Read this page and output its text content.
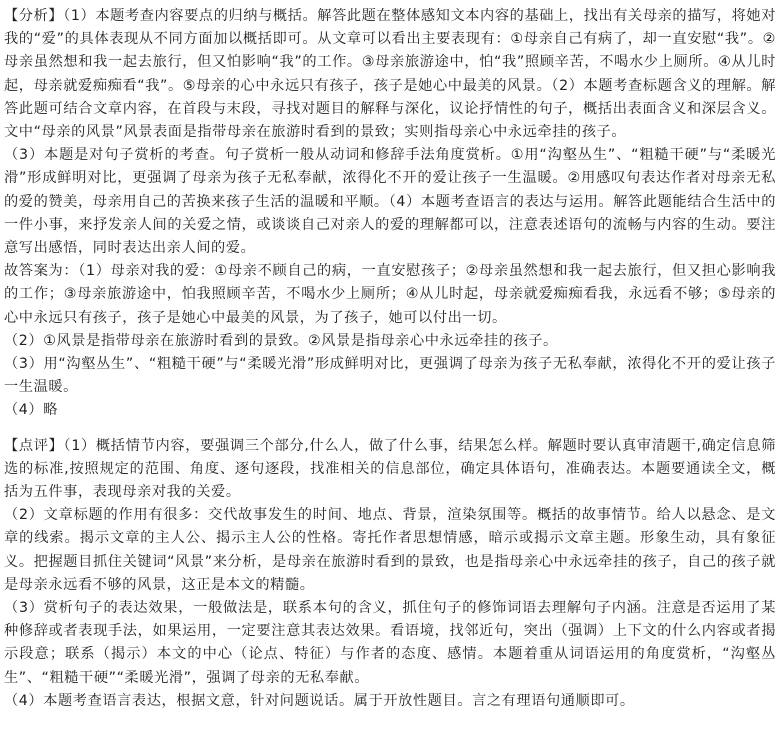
【分析】（1）本题考查内容要点的归纳与概括。解答此题在整体感知文本内容的基础上，找出有关母亲的描写，将她对我的“爱”的具体表现从不同方面加以概括即可。从文章可以看出主要表现有：①母亲自己有病了，却一直安慰“我”。②母亲虽然想和我一起去旅行，但又怕影响“我”的工作。③母亲旅游途中，怕“我”照顾辛苦，不喝水少上厕所。④从儿时起，母亲就爱痴痴看“我”。⑤母亲的心中永远只有孩子，孩子是她心中最美的风景。（2）本题考查标题含义的理解。解答此题可结合文章内容，在首段与末段，寻找对题目的解释与深化，议论抒情性的句子，概括出表面含义和深层含义。文中“母亲的风景”风景表面是指带母亲在旅游时看到的景致；实则指母亲心中永远牵挂的孩子。

（3）本题是对句子赏析的考查。句子赏析一般从动词和修辞手法角度赏析。①用“沟壑丛生”、“粗糙干硬”与“柔暖光滑”形成鲜明对比，更强调了母亲为孩子无私奉献，浓得化不开的爱让孩子一生温暖。②用感叹句表达作者对母亲无私的爱的赞美，母亲用自己的苦换来孩子生活的温暖和平顺。（4）本题考查语言的表达与运用。解答此题能结合生活中的一件小事，来抒发亲人间的关爱之情，或谈谈自己对亲人的爱的理解都可以，注意表述语句的流畅与内容的生动。要注意写出感悟，同时表达出亲人间的爱。

故答案为：（1）母亲对我的爱：①母亲不顾自己的病，一直安慰孩子；②母亲虽然想和我一起去旅行，但又担心影响我的工作；③母亲旅游途中，怕我照顾辛苦，不喝水少上厕所；④从儿时起，母亲就爱痴痴看我，永远看不够；⑤母亲的心中永远只有孩子，孩子是她心中最美的风景，为了孩子，她可以付出一切。

（2）①风景是指带母亲在旅游时看到的景致。②风景是指母亲心中永远牵挂的孩子。

（3）用“沟壑丛生”、“粗糙干硬”与“柔暖光滑”形成鲜明对比，更强调了母亲为孩子无私奉献，浓得化不开的爱让孩子一生温暖。

（4）略

【点评】（1）概括情节内容，要强调三个部分,什么人，做了什么事，结果怎么样。解题时要认真审清题干,确定信息筛选的标准,按照规定的范围、角度、逐句逐段，找准相关的信息部位，确定具体语句，准确表达。本题要通读全文，概括为五件事，表现母亲对我的关爱。

（2）文章标题的作用有很多：交代故事发生的时间、地点、背景，渲染氛围等。概括的故事情节。给人以悬念、是文章的线索。揭示文章的主人公、揭示主人公的性格。寄托作者思想情感，暗示或揭示文章主题。形象生动，具有象征义。把握题目抓住关键词“风景”来分析，是母亲在旅游时看到的景致，也是指母亲心中永远牵挂的孩子，自己的孩子就是母亲永远看不够的风景，这正是本文的精髓。

（3）赏析句子的表达效果，一般做法是，联系本句的含义，抓住句子的修饰词语去理解句子内涵。注意是否运用了某种修辞或者表现手法，如果运用，一定要注意其表达效果。看语境，找邻近句，突出（强调）上下文的什么内容或者揭示段意；联系（揭示）本文的中心（论点、特征）与作者的态度、感情。本题着重从词语运用的角度赏析，“沟壑丛生”、“粗糙干硬”“柔暖光滑”，强调了母亲的无私奉献。

（4）本题考查语言表达，根据文意，针对问题说话。属于开放性题目。言之有理语句通顺即可。
